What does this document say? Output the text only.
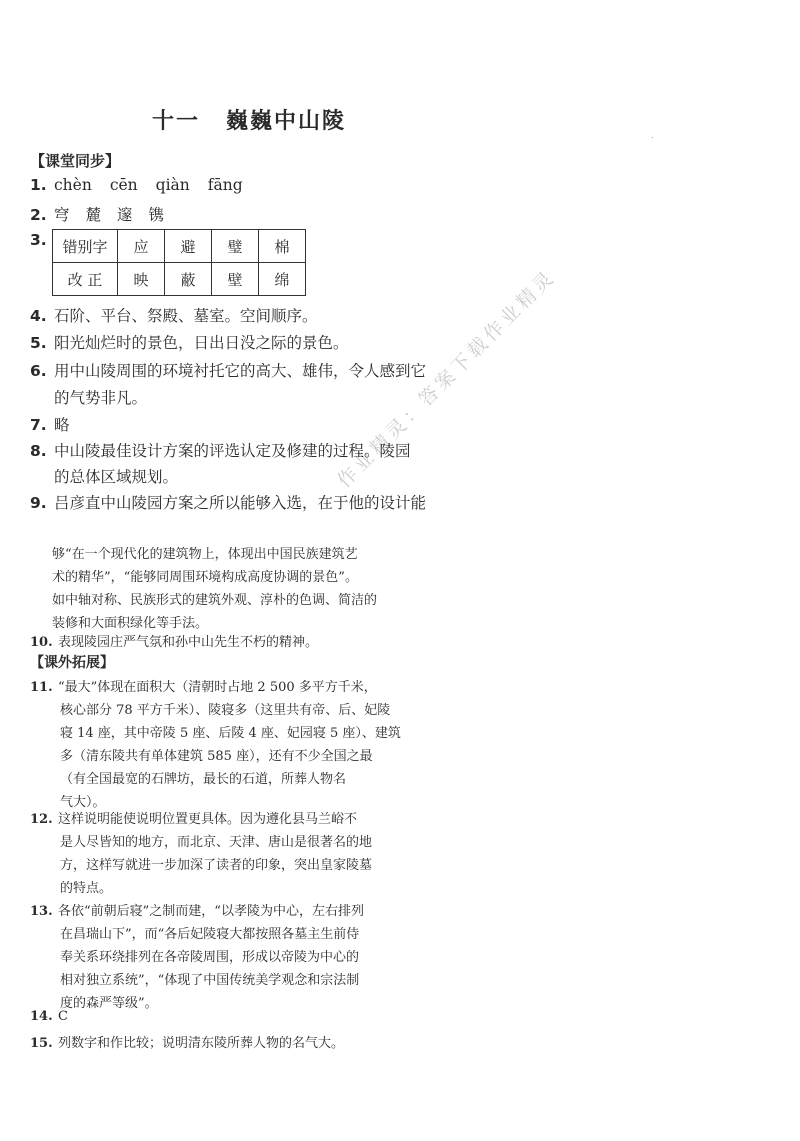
十一 巍巍中山陵
【课堂同步】
1. chèn cēn qiàn fāng
2. 穹 麓 邃 镌
3.	错别字	应	避	璧	棉
改 正	映	蔽	壁	绵
4. 石阶、平台、祭殿、墓室。空间顺序。
5. 阳光灿烂时的景色，日出日没之际的景色。
6. 用中山陵周围的环境衬托它的高大、雄伟，令人感到它
的气势非凡。
7. 略
8. 中山陵最佳设计方案的评选认定及修建的过程。陵园
的总体区域规划。
9. 吕彦直中山陵园方案之所以能够入选，在于他的设计能
够“在一个现代化的建筑物上，体现出中国民族建筑艺
术的精华”，“能够同周围环境构成高度协调的景色”。
如中轴对称、民族形式的建筑外观、淳朴的色调、简洁的
装修和大面积绿化等手法。
10. 表现陵园庄严气氛和孙中山先生不朽的精神。
【课外拓展】
11. “最大”体现在面积大（清朝时占地 2 500 多平方千米，
核心部分 78 平方千米）、陵寝多（这里共有帝、后、妃陵
寝 14 座，其中帝陵 5 座、后陵 4 座、妃园寝 5 座）、建筑
多（清东陵共有单体建筑 585 座），还有不少全国之最
（有全国最宽的石牌坊，最长的石道，所葬人物名
气大）。
12. 这样说明能使说明位置更具体。因为遵化县马兰峪不
是人尽皆知的地方，而北京、天津、唐山是很著名的地
方，这样写就进一步加深了读者的印象，突出皇家陵墓
的特点。
13. 各依“前朝后寝”之制而建，“以孝陵为中心，左右排列
在昌瑞山下”，而“各后妃陵寝大都按照各墓主生前侍
奉关系环绕排列在各帝陵周围，形成以帝陵为中心的
相对独立系统”，“体现了中国传统美学观念和宗法制
度的森严等级”。
14. C
15. 列数字和作比较；说明清东陵所葬人物的名气大。
作业精灵：答案下载作业精灵
